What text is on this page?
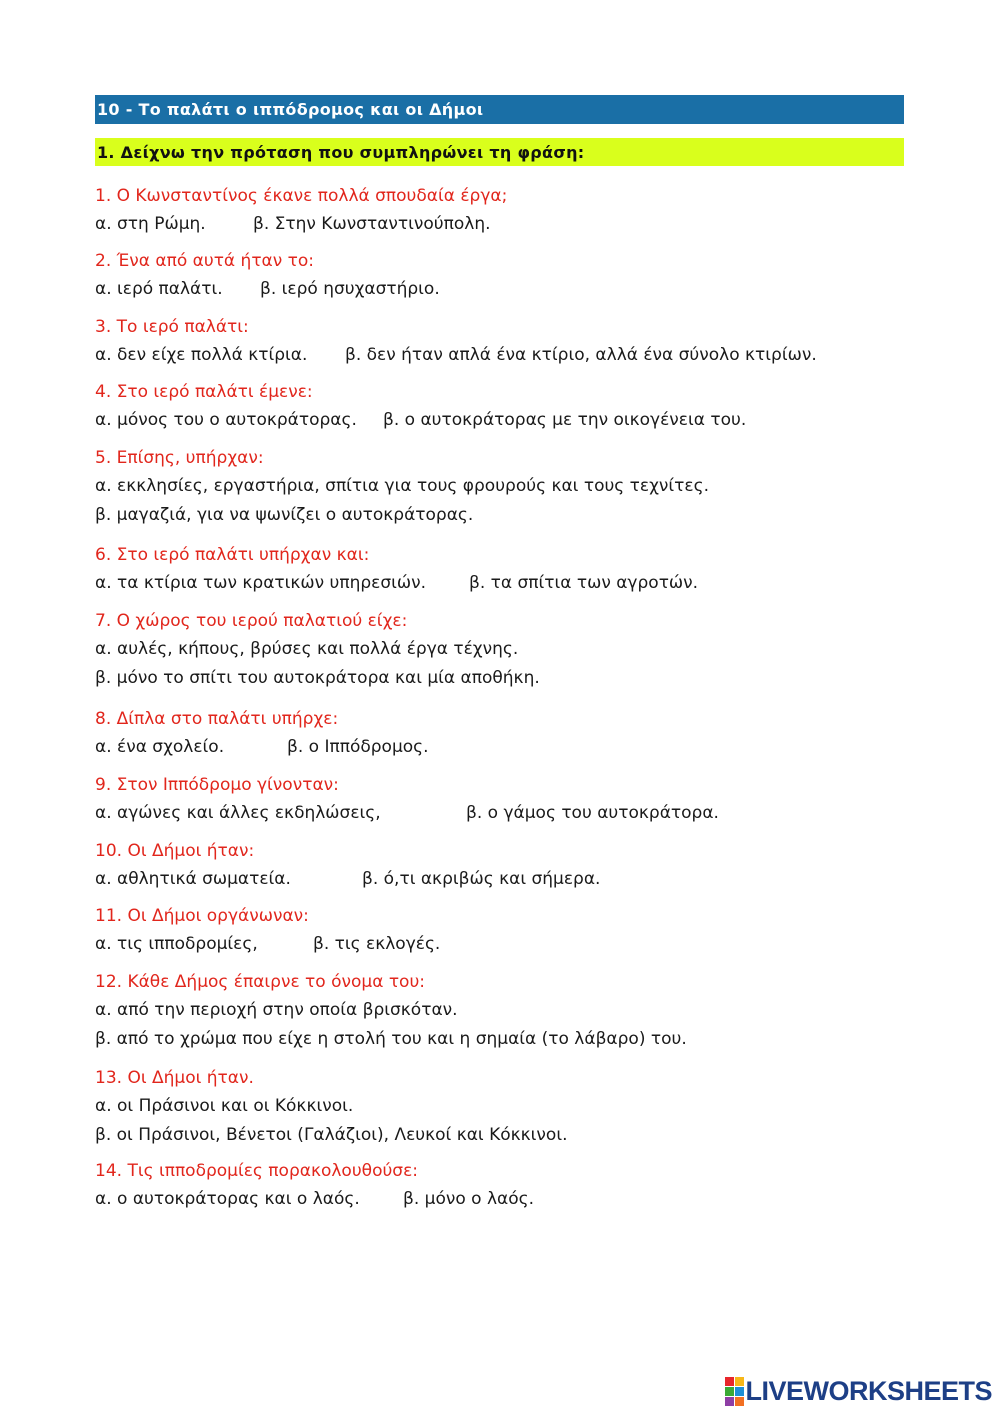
10 - Το παλάτι ο ιππόδρομος και οι Δήμοι
1. Δείχνω την πρόταση που συμπληρώνει τη φράση:
1. Ο Κωνσταντίνος έκανε πολλά σπουδαία έργα;
α. στη Ρώμη.	β. Στην Κωνσταντινούπολη.
2. Ένα από αυτά ήταν το:
α. ιερό παλάτι. β. ιερό ησυχαστήριο.
3. Το ιερό παλάτι:
α. δεν είχε πολλά κτίρια. β. δεν ήταν απλά ένα κτίριο, αλλά ένα σύνολο κτιρίων.
4. Στο ιερό παλάτι έμενε:
α. μόνος του ο αυτοκράτορας. β. ο αυτοκράτορας με την οικογένεια του.
5. Επίσης, υπήρχαν:
α. εκκλησίες, εργαστήρια, σπίτια για τους φρουρούς και τους τεχνίτες.
β. μαγαζιά, για να ψωνίζει ο αυτοκράτορας.
6. Στο ιερό παλάτι υπήρχαν και:
α. τα κτίρια των κρατικών υπηρεσιών.	β. τα σπίτια των αγροτών.
7. Ο χώρος του ιερού παλατιού είχε:
α. αυλές, κήπους, βρύσες και πολλά έργα τέχνης.
β. μόνο το σπίτι του αυτοκράτορα και μία αποθήκη.
8. Δίπλα στο παλάτι υπήρχε:
α. ένα σχολείο.	β. ο Ιππόδρομος.
9. Στον Ιππόδρομο γίνονταν:
α. αγώνες και άλλες εκδηλώσεις,	β. ο γάμος του αυτοκράτορα.
10. Οι Δήμοι ήταν:
α. αθλητικά σωματεία.	β. ό,τι ακριβώς και σήμερα.
11. Οι Δήμοι οργάνωναν:
α. τις ιπποδρομίες,	β. τις εκλογές.
12. Κάθε Δήμος έπαιρνε το όνομα του:
α. από την περιοχή στην οποία βρισκόταν.
β. από το χρώμα που είχε η στολή του και η σημαία (το λάβαρο) του.
13. Οι Δήμοι ήταν.
α. οι Πράσινοι και οι Κόκκινοι.
β. οι Πράσινοι, Βένετοι (Γαλάζιοι), Λευκοί και Κόκκινοι.
14. Τις ιπποδρομίες πορακολουθούσε:
α. ο αυτοκράτορας και ο λαός.	β. μόνο ο λαός.
LIVEWORKSHEETS
